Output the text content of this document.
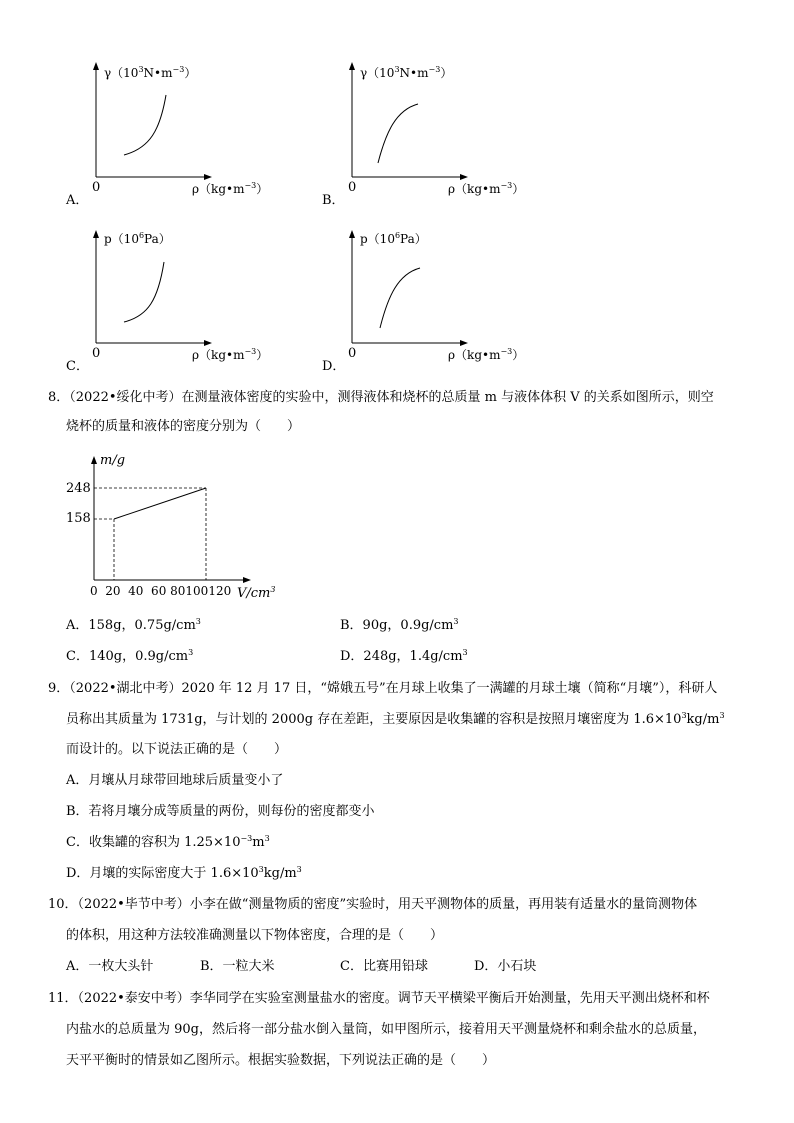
0	$\rho(kg•m^{-3})$
A．
0	$\rho(kg•m^{-3})$
B．
$\gamma(10^3N•m^{-3})$	$\gamma(10^3N•m^{-3})$
$p(10^6Pa)$
0	$\rho(kg•m^{-3})$
C．
$p(10^6Pa)$
0	$\rho(kg•m^{-3})$
D．
8．（2022•绥化中考）在测量液体密度的实验中，测得液体和烧杯的总质量 m 与液体体积 V 的关系如图所示，则空
烧杯的质量和液体的密度分别为（　　）
m/g
248
158
0  20  40  60 80100120 $V/cm^3$
A．158g，$0.75g/cm^3$	B．90g，$0.9g/cm^3$
C．140g，$0.9g/cm^3$	D．248g，$1.4g/cm^3$
9．（2022•湖北中考）2020 年 12 月 17 日，“嫦娥五号”在月球上收集了一满罐的月球土壤（简称“月壤”），科研人
员称出其质量为 1731g，与计划的 2000g 存在差距，主要原因是收集罐的容积是按照月壤密度为 $1.6\times 10^3kg/m^3$
而设计的。以下说法正确的是（　　）
A．月壤从月球带回地球后质量变小了
B．若将月壤分成等质量的两份，则每份的密度都变小
C．收集罐的容积为 $1.25\times 10^{-3}m^3$
D．月壤的实际密度大于 $1.6\times 10^3kg/m^3$
10．（2022•毕节中考）小李在做“测量物质的密度”实验时，用天平测物体的质量，再用装有适量水的量筒测物体
的体积，用这种方法较准确测量以下物体密度，合理的是（　　）
A．一枚大头针	B．一粒大米	C．比赛用铅球	D．小石块
11．（2022•泰安中考）李华同学在实验室测量盐水的密度。调节天平横梁平衡后开始测量，先用天平测出烧杯和杯
内盐水的总质量为 90g，然后将一部分盐水倒入量筒，如甲图所示，接着用天平测量烧杯和剩余盐水的总质量，
天平平衡时的情景如乙图所示。根据实验数据，下列说法正确的是（　　）
